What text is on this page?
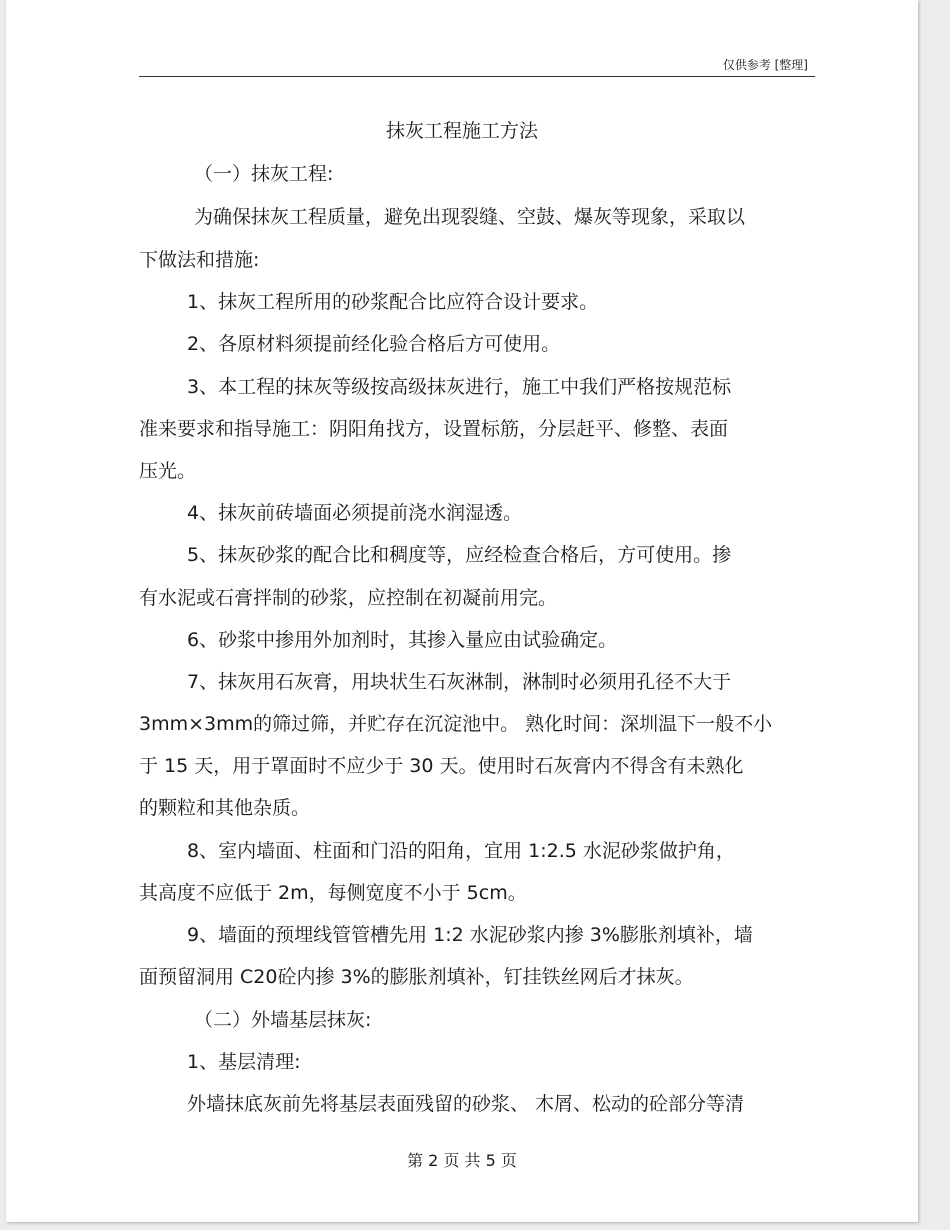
仅供参考 [整理]
抹灰工程施工方法
（一）抹灰工程:
为确保抹灰工程质量，避免出现裂缝、空鼓、爆灰等现象，采取以
下做法和措施:
1、抹灰工程所用的砂浆配合比应符合设计要求。
2、各原材料须提前经化验合格后方可使用。
3、本工程的抹灰等级按高级抹灰进行，施工中我们严格按规范标
准来要求和指导施工：阴阳角找方，设置标筋，分层赶平、修整、表面
压光。
4、抹灰前砖墙面必须提前浇水润湿透。
5、抹灰砂浆的配合比和稠度等，应经检查合格后，方可使用。掺
有水泥或石膏拌制的砂浆，应控制在初凝前用完。
6、砂浆中掺用外加剂时，其掺入量应由试验确定。
7、抹灰用石灰膏，用块状生石灰淋制，淋制时必须用孔径不大于
3mm×3mm的筛过筛，并贮存在沉淀池中。 熟化时间：深圳温下一般不小
于 15 天，用于罩面时不应少于 30 天。使用时石灰膏内不得含有未熟化
的颗粒和其他杂质。
8、室内墙面、柱面和门沿的阳角，宜用 1:2.5 水泥砂浆做护角，
其高度不应低于 2m，每侧宽度不小于 5cm。
9、墙面的预埋线管管槽先用 1:2 水泥砂浆内掺 3%膨胀剂填补，墙
面预留洞用 C20砼内掺 3%的膨胀剂填补，钉挂铁丝网后才抹灰。
（二）外墙基层抹灰:
1、基层清理:
外墙抹底灰前先将基层表面残留的砂浆、 木屑、松动的砼部分等清
第 2 页 共 5 页
